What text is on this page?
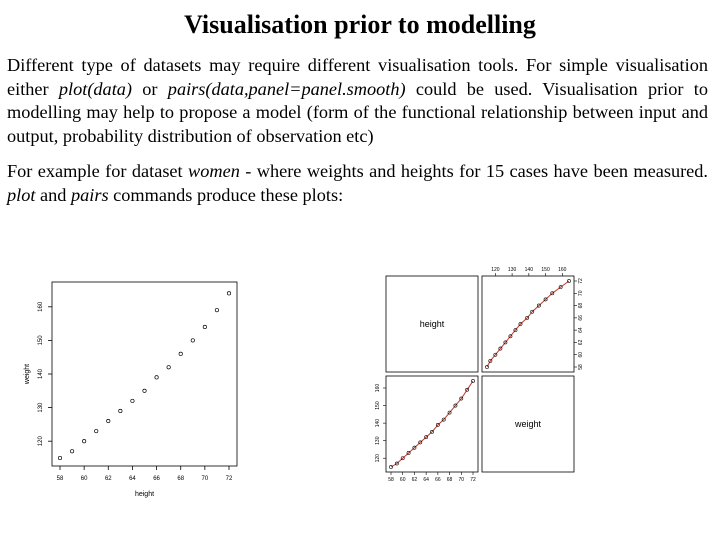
Visualisation prior to modelling

Different type of datasets may require different visualisation tools. For simple visualisation either plot(data) or pairs(data,panel=panel.smooth) could be used. Visualisation prior to modelling may help to propose a model (form of the functional relationship between input and output, probability distribution of observation etc)

For example for dataset women - where weights and heights for 15 cases have been measured. plot and pairs commands produce these plots:

58	60	62	64	66	68	70	72
120
130
140
150
160
height
weight
height
weight
120 130 140 150 160
58
60
62
64
66
68
70
72
120
130
140
150
160
58 60 62 64 66 68 70 72
